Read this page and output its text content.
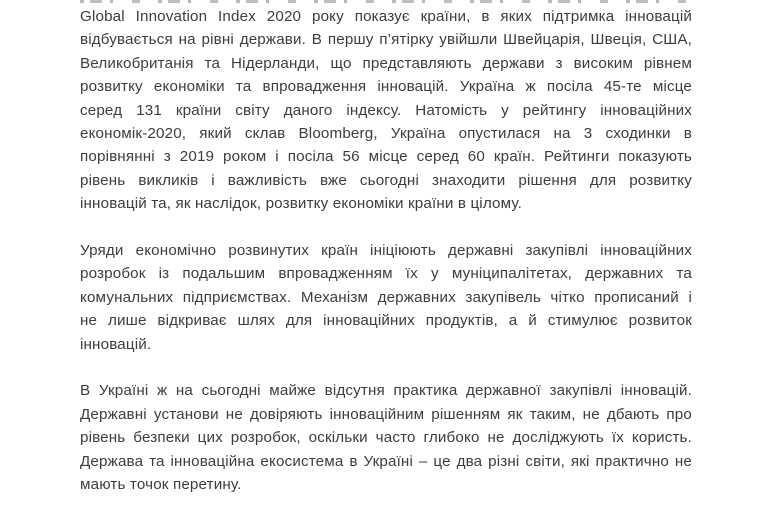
Global Innovation Index 2020 року показує країни, в яких підтримка інновацій
відбувається на рівні держави. В першу п’ятірку увійшли Швейцарія, Швеція, США,
Великобританія та Нідерланди, що представляють держави з високим рівнем
розвитку економіки та впровадження інновацій. Україна ж посіла 45-те місце
серед 131 країни світу даного індексу. Натомість у рейтингу інноваційних
економік-2020, який склав Bloomberg, Україна опустилася на 3 сходинки в
порівнянні з 2019 роком і посіла 56 місце серед 60 країн. Рейтинги показують
рівень викликів і важливість вже сьогодні знаходити рішення для розвитку
інновацій та, як наслідок, розвитку економіки країни в цілому.

Уряди економічно розвинутих країн ініціюють державні закупівлі інноваційних
розробок із подальшим впровадженням їх у муніципалітетах, державних та
комунальних підприємствах. Механізм державних закупівель чітко прописаний і
не лише відкриває шлях для інноваційних продуктів, а й стимулює розвиток
інновацій.

В Україні ж на сьогодні майже відсутня практика державної закупівлі інновацій.
Державні установи не довіряють інноваційним рішенням як таким, не дбають про
рівень безпеки цих розробок, оскільки часто глибоко не досліджують їх користь.
Держава та інноваційна екосистема в Україні – це два різні світи, які практично не
мають точок перетину.
